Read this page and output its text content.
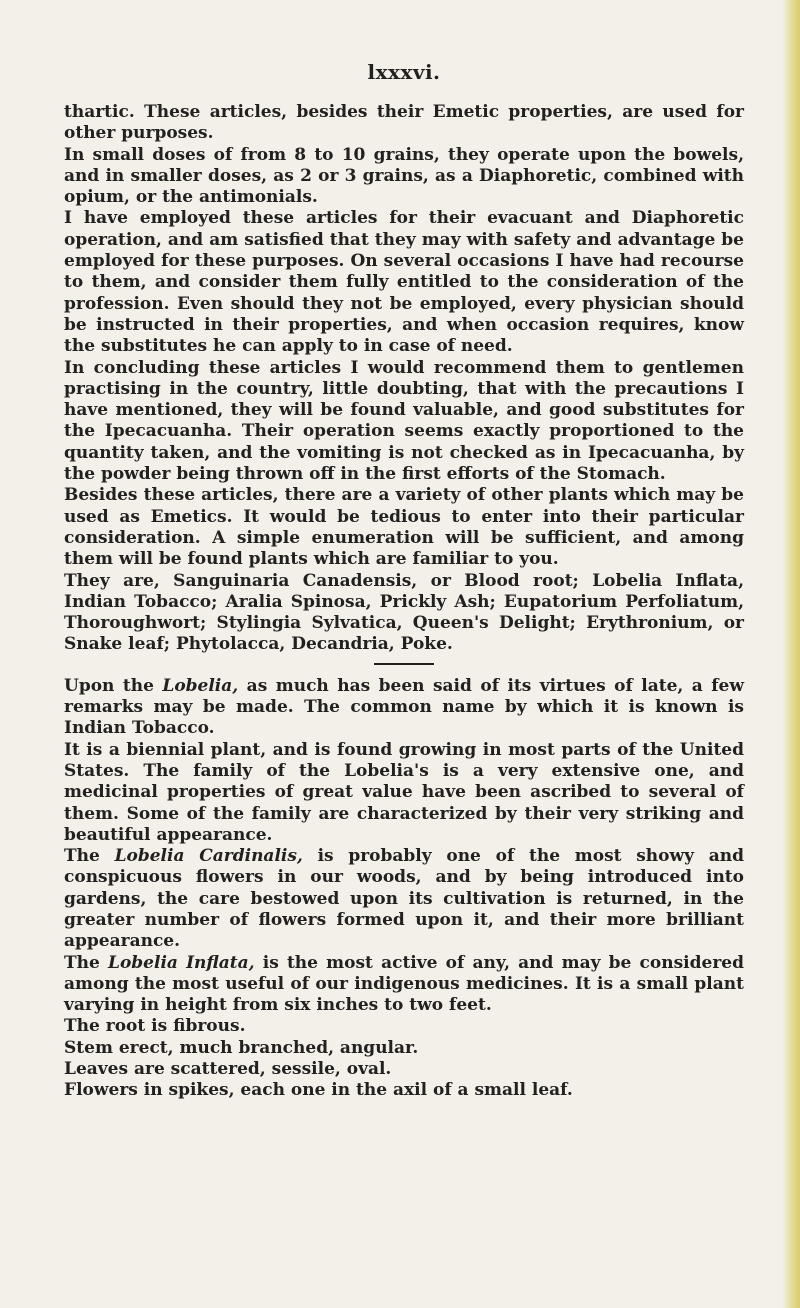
lxxxvi.

thartic. These articles, besides their Emetic properties, are used for other purposes.

In small doses of from 8 to 10 grains, they operate upon the bowels, and in smaller doses, as 2 or 3 grains, as a Diaphoretic, combined with opium, or the antimonials.

I have employed these articles for their evacuant and Diaphoretic operation, and am satisfied that they may with safety and advantage be employed for these purposes. On several occasions I have had recourse to them, and consider them fully entitled to the consideration of the profession. Even should they not be employed, every physician should be instructed in their properties, and when occasion requires, know the substitutes he can apply to in case of need.

In concluding these articles I would recommend them to gentlemen practising in the country, little doubting, that with the precautions I have mentioned, they will be found valuable, and good substitutes for the Ipecacuanha. Their operation seems exactly proportioned to the quantity taken, and the vomiting is not checked as in Ipecacuanha, by the powder being thrown off in the first efforts of the Stomach.

Besides these articles, there are a variety of other plants which may be used as Emetics. It would be tedious to enter into their particular consideration. A simple enumeration will be sufficient, and among them will be found plants which are familiar to you.

They are, Sanguinaria Canadensis, or Blood root; Lobelia Inflata, Indian Tobacco; Aralia Spinosa, Prickly Ash; Eupatorium Perfoliatum, Thoroughwort; Stylingia Sylvatica, Queen's Delight; Erythronium, or Snake leaf; Phytolacca, Decandria, Poke.

Upon the Lobelia, as much has been said of its virtues of late, a few remarks may be made. The common name by which it is known is Indian Tobacco.

It is a biennial plant, and is found growing in most parts of the United States. The family of the Lobelia's is a very extensive one, and medicinal properties of great value have been ascribed to several of them. Some of the family are characterized by their very striking and beautiful appearance.

The Lobelia Cardinalis, is probably one of the most showy and conspicuous flowers in our woods, and by being introduced into gardens, the care bestowed upon its cultivation is returned, in the greater number of flowers formed upon it, and their more brilliant appearance.

The Lobelia Inflata, is the most active of any, and may be considered among the most useful of our indigenous medicines. It is a small plant varying in height from six inches to two feet.

The root is fibrous.

Stem erect, much branched, angular.

Leaves are scattered, sessile, oval.

Flowers in spikes, each one in the axil of a small leaf.
